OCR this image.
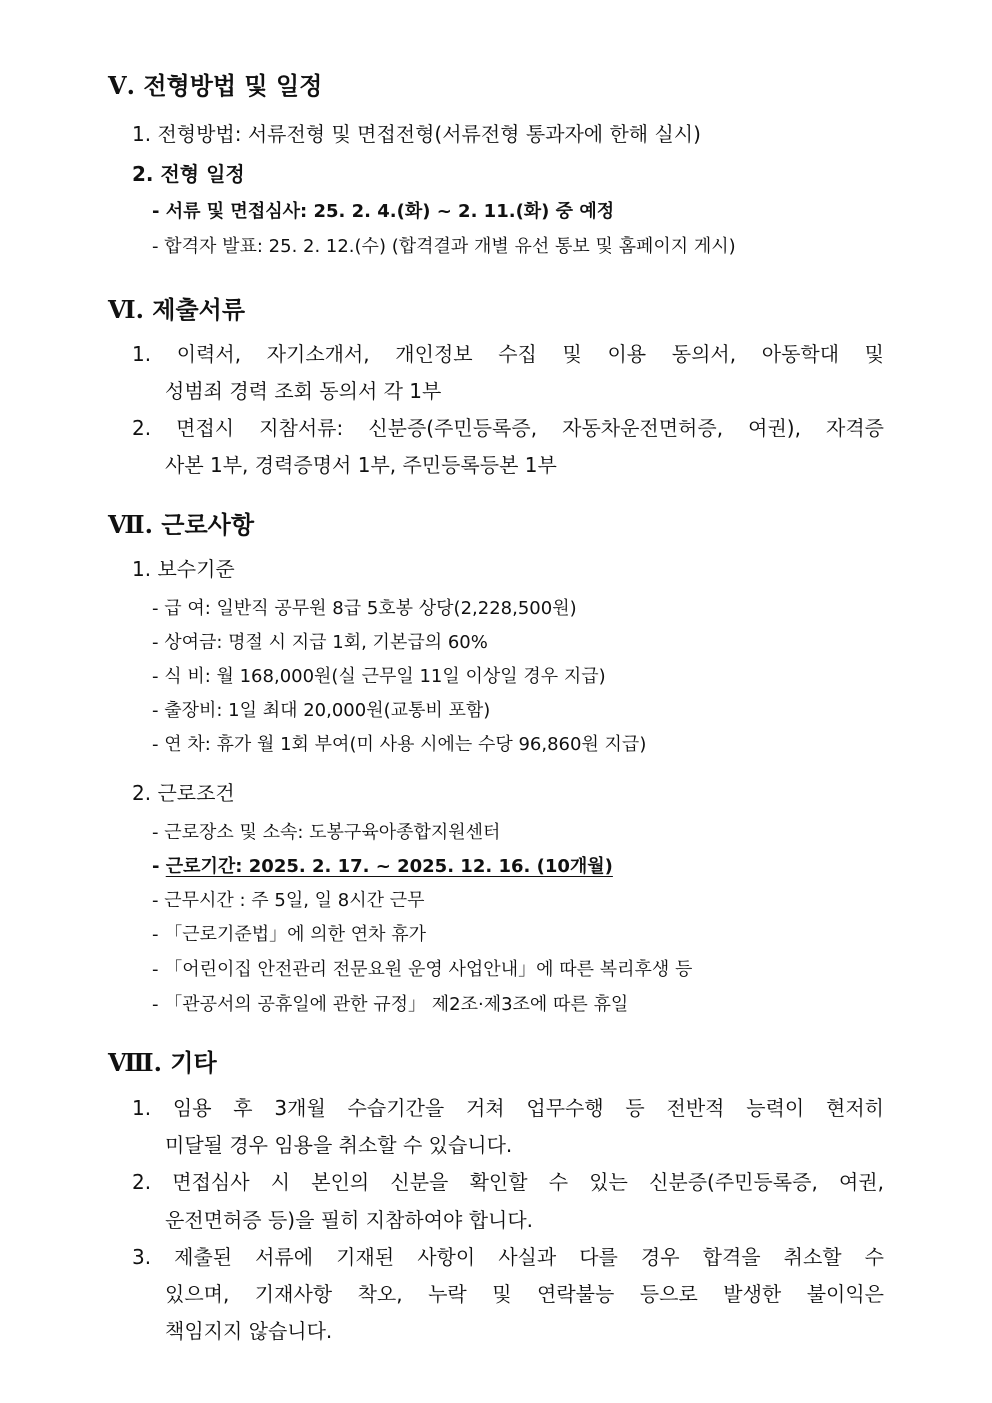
Ⅴ. 전형방법 및 일정
1. 전형방법: 서류전형 및 면접전형(서류전형 통과자에 한해 실시)
2. 전형 일정
- 서류 및 면접심사: 25. 2. 4.(화) ~ 2. 11.(화) 중 예정
- 합격자 발표: 25. 2. 12.(수) (합격결과 개별 유선 통보 및 홈페이지 게시)
Ⅵ. 제출서류
1. 이력서, 자기소개서, 개인정보 수집 및 이용 동의서, 아동학대 및
성범죄 경력 조회 동의서 각 1부
2. 면접시 지참서류: 신분증(주민등록증, 자동차운전면허증, 여권), 자격증
사본 1부, 경력증명서 1부, 주민등록등본 1부
Ⅶ. 근로사항
1. 보수기준
- 급 여: 일반직 공무원 8급 5호봉 상당(2,228,500원)
- 상여금: 명절 시 지급 1회, 기본급의 60%
- 식 비: 월 168,000원(실 근무일 11일 이상일 경우 지급)
- 출장비: 1일 최대 20,000원(교통비 포함)
- 연 차: 휴가 월 1회 부여(미 사용 시에는 수당 96,860원 지급)
2. 근로조건
- 근로장소 및 소속: 도봉구육아종합지원센터
- 근로기간: 2025. 2. 17. ~ 2025. 12. 16. (10개월)
- 근무시간 : 주 5일, 일 8시간 근무
- 「근로기준법」에 의한 연차 휴가
- 「어린이집 안전관리 전문요원 운영 사업안내」에 따른 복리후생 등
- 「관공서의 공휴일에 관한 규정」 제2조·제3조에 따른 휴일
Ⅷ. 기타
1. 임용 후 3개월 수습기간을 거쳐 업무수행 등 전반적 능력이 현저히
미달될 경우 임용을 취소할 수 있습니다.
2. 면접심사 시 본인의 신분을 확인할 수 있는 신분증(주민등록증, 여권,
운전면허증 등)을 필히 지참하여야 합니다.
3. 제출된 서류에 기재된 사항이 사실과 다를 경우 합격을 취소할 수
있으며, 기재사항 착오, 누락 및 연락불능 등으로 발생한 불이익은
책임지지 않습니다.
